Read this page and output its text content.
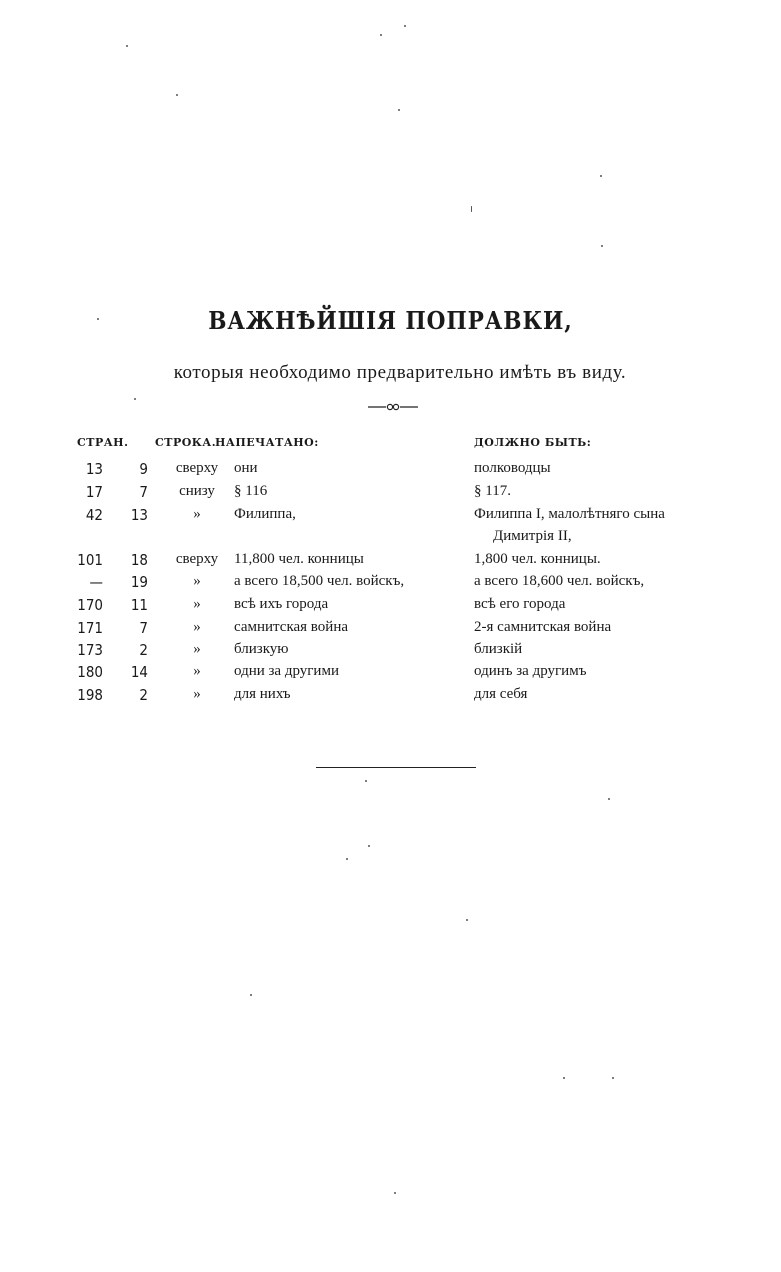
ВАЖНѢЙШІЯ ПОПРАВКИ,
которыя необходимо предварительно имѣть въ виду.
СТРАН. СТРОКА.
НАПЕЧАТАНО:	ДОЛЖНО БЫТЬ:
13 9	сверху	они	полководцы
17 7	снизу	§ 116	§ 117.
42 13	»	Филиппа,	Филиппа I, малолѣтняго сына
Димитрія II,
101 18	сверху	11,800 чел. конницы	1,800 чел. конницы.
— 19	»	а всего 18,500 чел. войскъ,	а всего 18,600 чел. войскъ,
170 11	»	всѣ ихъ города	всѣ его города
171 7	»	самнитская война	2-я самнитская война
173 2	»	близкую	близкій
180 14	»	одни за другими	одинъ за другимъ
198 2	»	для нихъ	для себя
